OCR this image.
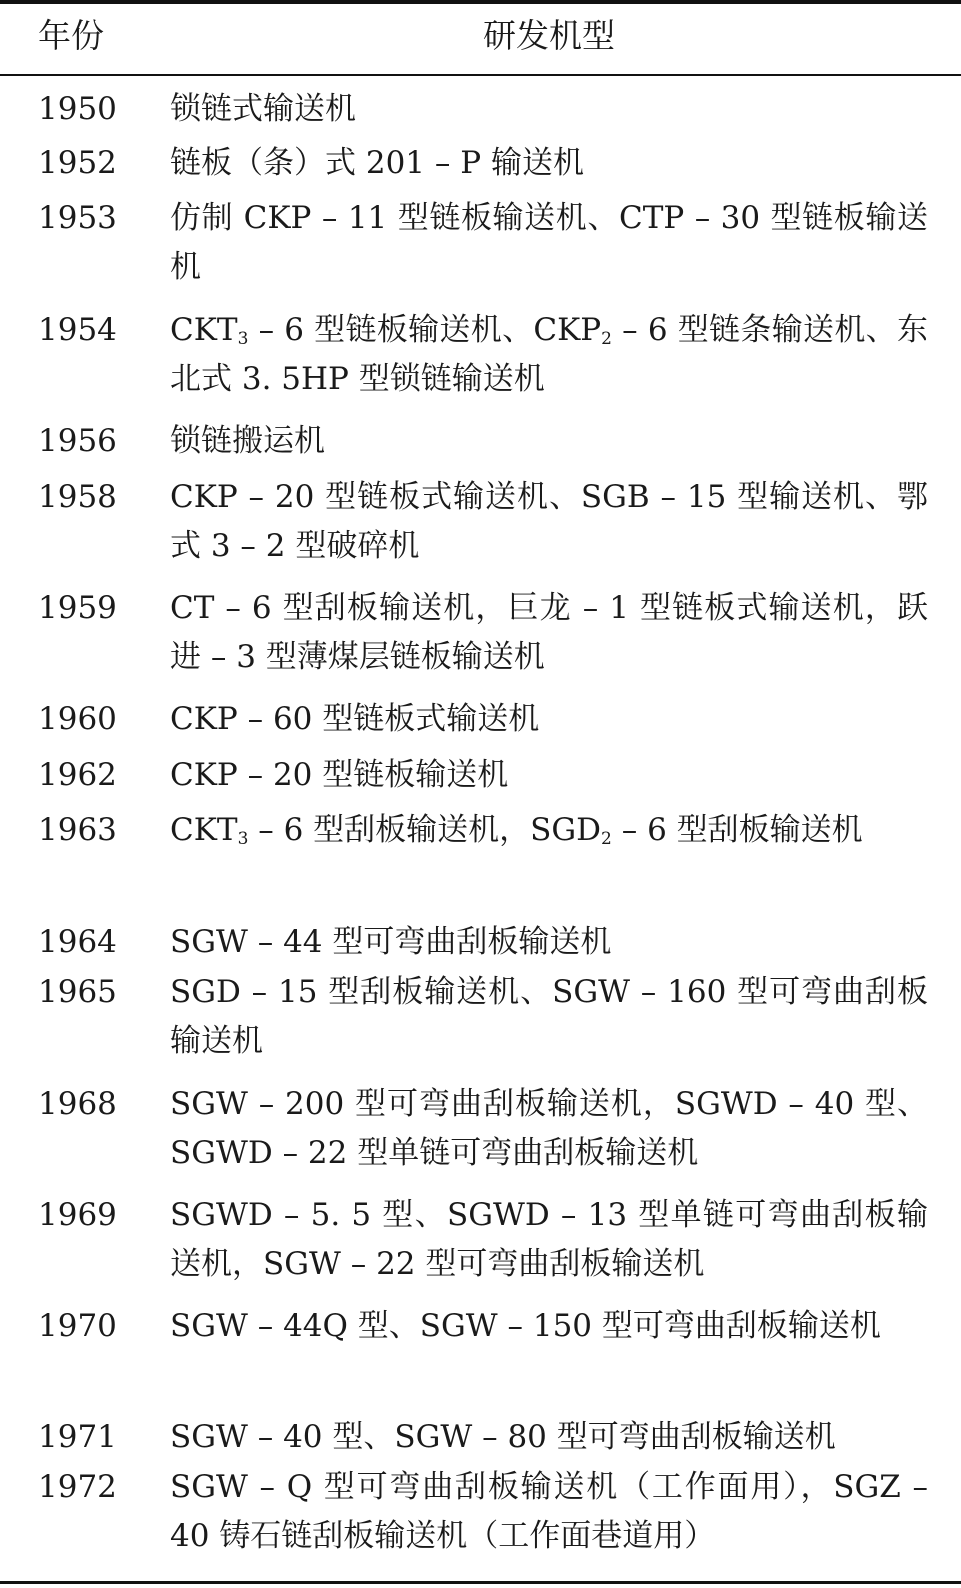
年份	研发机型
1950 锁链式输送机
1952 链板（条）式 201 – P 输送机
1953 仿制 CKP – 11 型链板输送机、CTP – 30 型链板输送机
1954 $CKT_3 - 6$ 型链板输送机、$CKP_2 - 6$ 型链条输送机、东北式 3. 5HP 型锁链输送机
1956 锁链搬运机
1958 CKP – 20 型链板式输送机、SGB – 15 型输送机、鄂式 3 – 2 型破碎机
1959 CT – 6 型刮板输送机，巨龙 – 1 型链板式输送机，跃进 – 3 型薄煤层链板输送机
1960 CKP – 60 型链板式输送机
1962 CKP – 20 型链板输送机
1963 $CKT_3 - 6$ 型刮板输送机，$SGD_2 - 6$ 型刮板输送机
1964 SGW – 44 型可弯曲刮板输送机
1965 SGD – 15 型刮板输送机、SGW – 160 型可弯曲刮板输送机
1968 SGW – 200 型可弯曲刮板输送机，SGWD – 40 型、SGWD – 22 型单链可弯曲刮板输送机
1969 SGWD – 5. 5 型、SGWD – 13 型单链可弯曲刮板输送机，SGW – 22 型可弯曲刮板输送机
1970 SGW – 44Q 型、SGW – 150 型可弯曲刮板输送机
1971 SGW – 40 型、SGW – 80 型可弯曲刮板输送机
1972 SGW – Q 型可弯曲刮板输送机（工作面用），SGZ – 40 铸石链刮板输送机（工作面巷道用）
